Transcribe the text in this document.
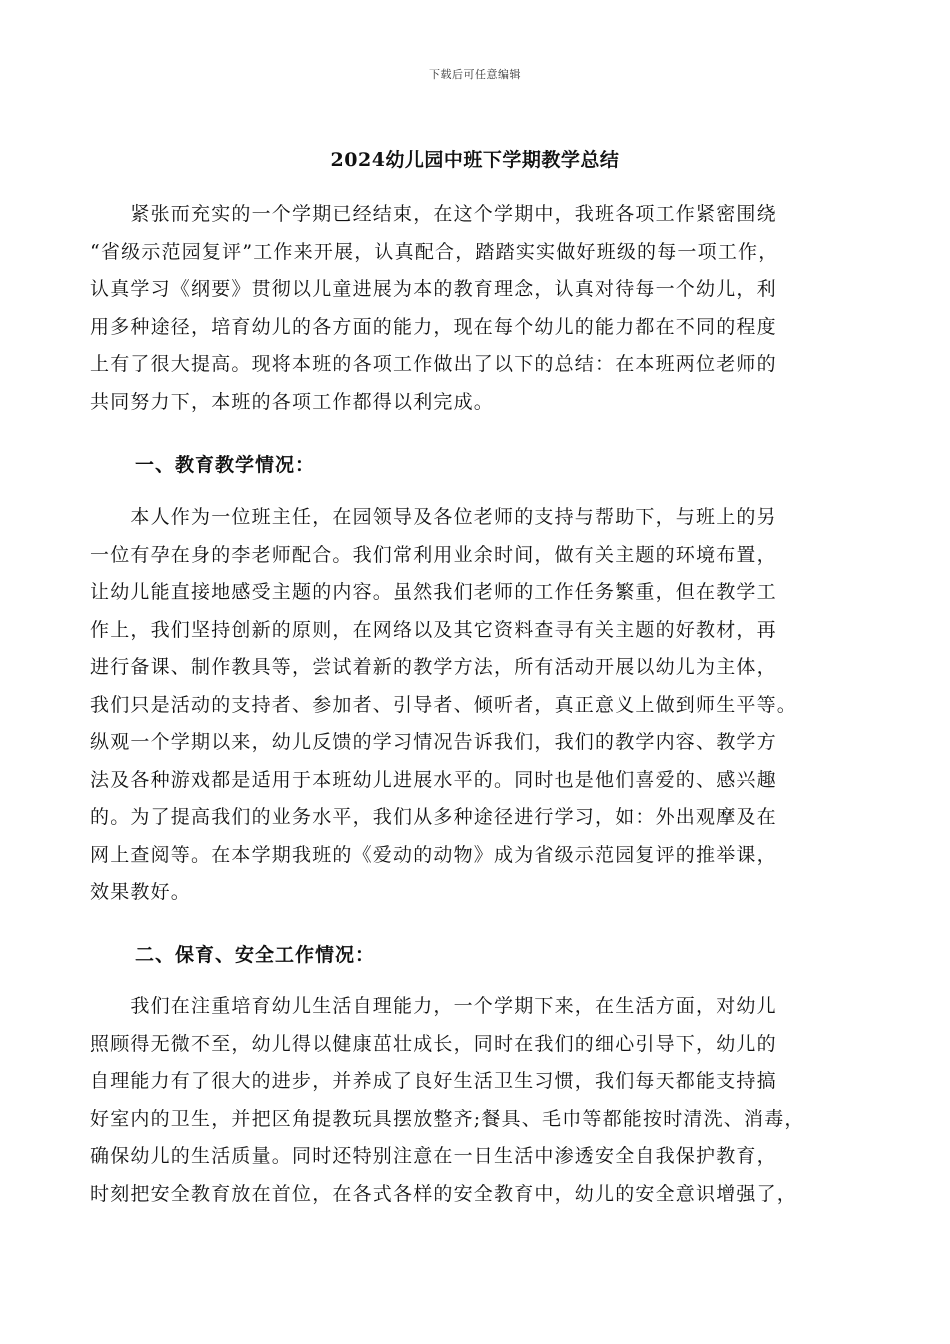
下载后可任意编辑
2024幼儿园中班下学期教学总结
　　紧张而充实的一个学期已经结束，在这个学期中，我班各项工作紧密围绕
“省级示范园复评”工作来开展，认真配合，踏踏实实做好班级的每一项工作，
认真学习《纲要》贯彻以儿童进展为本的教育理念，认真对待每一个幼儿，利
用多种途径，培育幼儿的各方面的能力，现在每个幼儿的能力都在不同的程度
上有了很大提高。现将本班的各项工作做出了以下的总结：在本班两位老师的
共同努力下，本班的各项工作都得以利完成。
一、教育教学情况：
　　本人作为一位班主任，在园领导及各位老师的支持与帮助下，与班上的另
一位有孕在身的李老师配合。我们常利用业余时间，做有关主题的环境布置，
让幼儿能直接地感受主题的内容。虽然我们老师的工作任务繁重，但在教学工
作上，我们坚持创新的原则，在网络以及其它资料查寻有关主题的好教材，再
进行备课、制作教具等，尝试着新的教学方法，所有活动开展以幼儿为主体，
我们只是活动的支持者、参加者、引导者、倾听者，真正意义上做到师生平等。
纵观一个学期以来，幼儿反馈的学习情况告诉我们，我们的教学内容、教学方
法及各种游戏都是适用于本班幼儿进展水平的。同时也是他们喜爱的、感兴趣
的。为了提高我们的业务水平，我们从多种途径进行学习，如：外出观摩及在
网上查阅等。在本学期我班的《爱动的动物》成为省级示范园复评的推举课，
效果教好。
二、保育、安全工作情况：
　　我们在注重培育幼儿生活自理能力，一个学期下来，在生活方面，对幼儿
照顾得无微不至，幼儿得以健康茁壮成长，同时在我们的细心引导下，幼儿的
自理能力有了很大的进步，并养成了良好生活卫生习惯，我们每天都能支持搞
好室内的卫生，并把区角提教玩具摆放整齐;餐具、毛巾等都能按时清洗、消毒，
确保幼儿的生活质量。同时还特别注意在一日生活中渗透安全自我保护教育，
时刻把安全教育放在首位，在各式各样的安全教育中，幼儿的安全意识增强了，
